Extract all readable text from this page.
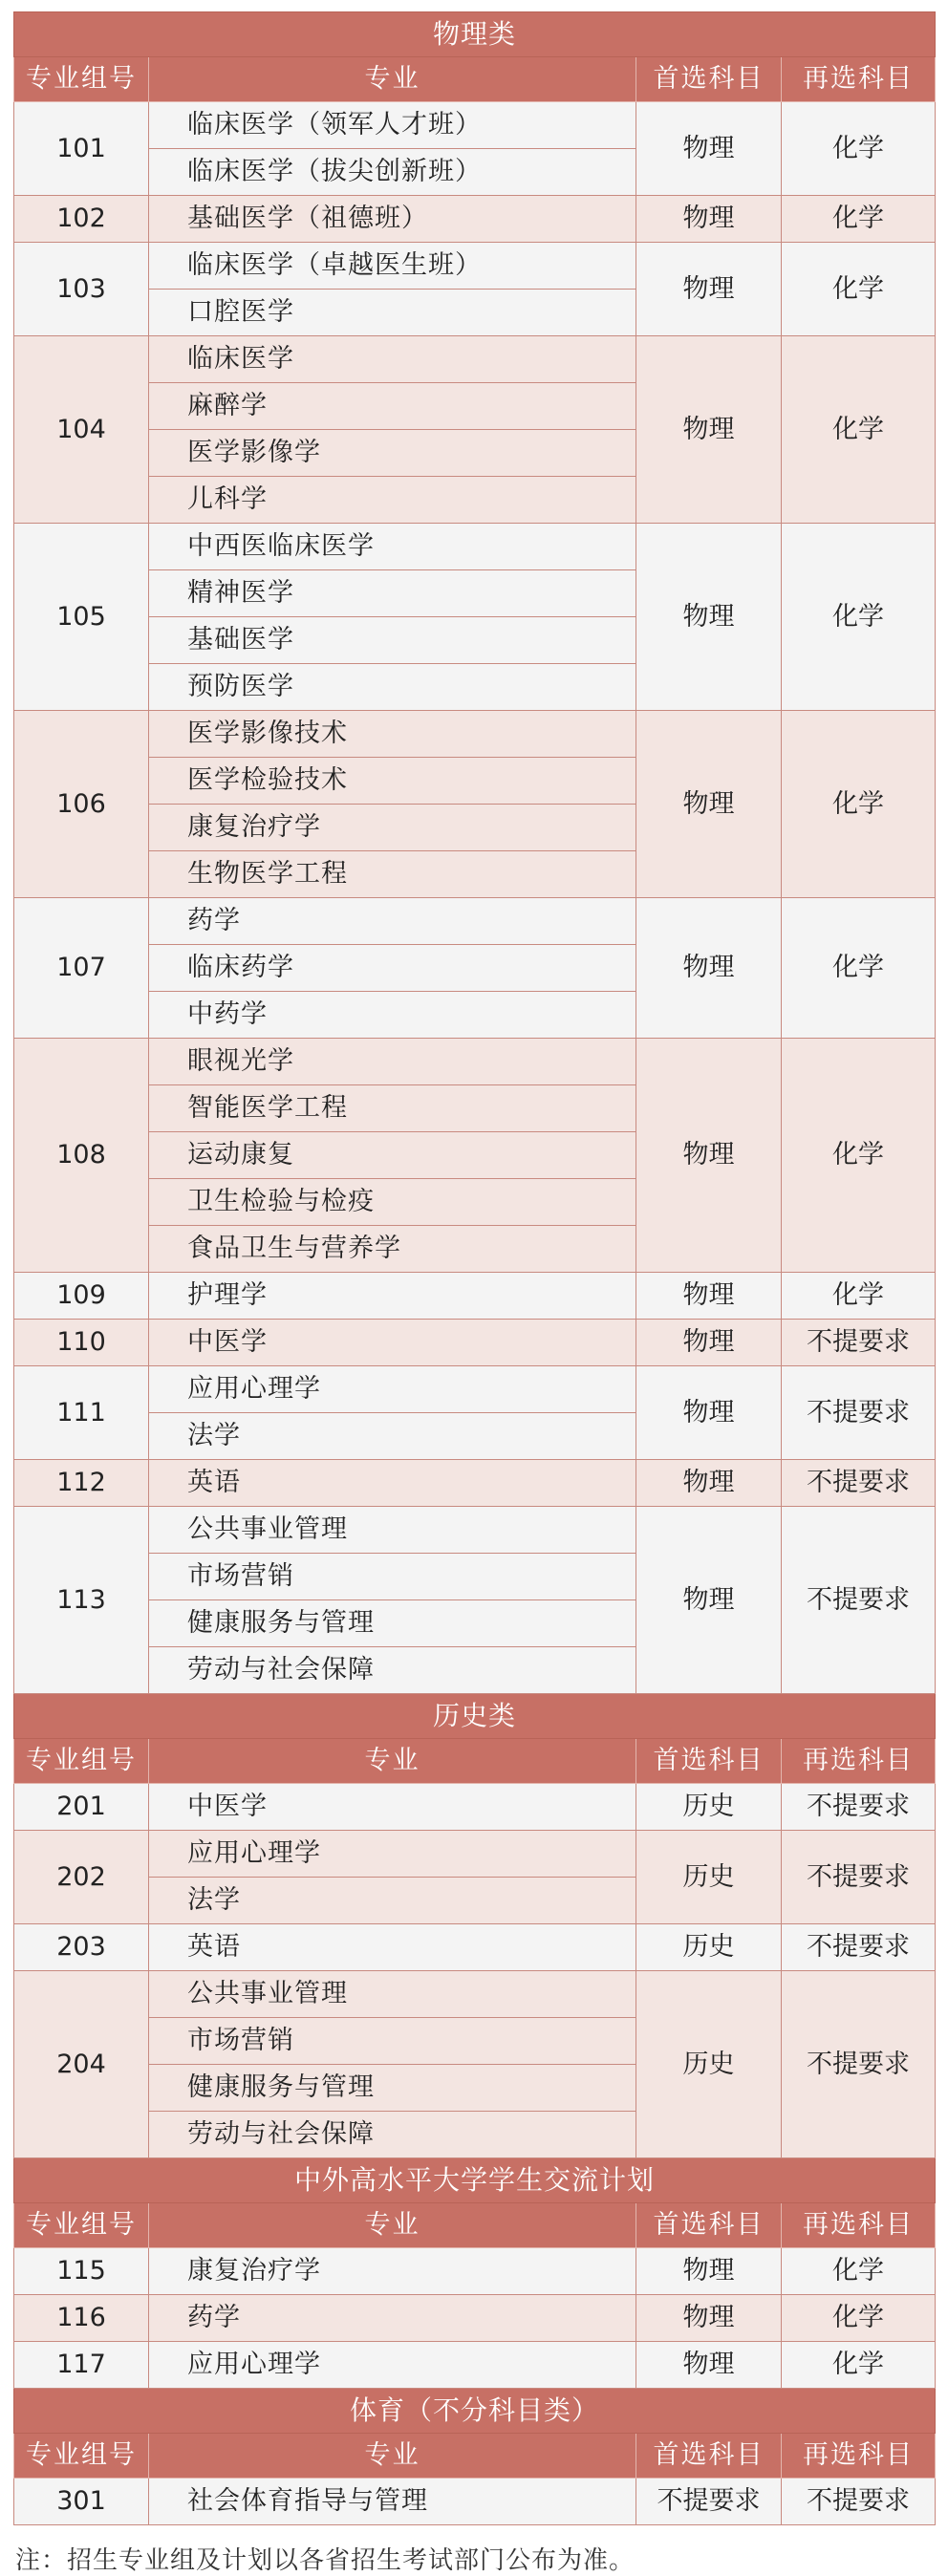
物理类			
专业组号	专业	首选科目	再选科目
101	临床医学（领军人才班）	物理	化学
	临床医学（拔尖创新班）		
102	基础医学（祖德班）	物理	化学
103	临床医学（卓越医生班）	物理	化学
	口腔医学		
104	临床医学	物理	化学
	麻醉学		
	医学影像学		
	儿科学		
105	中西医临床医学	物理	化学
	精神医学		
	基础医学		
	预防医学		
106	医学影像技术	物理	化学
	医学检验技术		
	康复治疗学		
	生物医学工程		
107	药学	物理	化学
	临床药学		
	中药学		
108	眼视光学	物理	化学
	智能医学工程		
	运动康复		
	卫生检验与检疫		
	食品卫生与营养学		
109	护理学	物理	化学
110	中医学	物理	不提要求
111	应用心理学	物理	不提要求
	法学		
112	英语	物理	不提要求
113	公共事业管理	物理	不提要求
	市场营销		
	健康服务与管理		
	劳动与社会保障		
历史类			
专业组号	专业	首选科目	再选科目
201	中医学	历史	不提要求
202	应用心理学	历史	不提要求
	法学		
203	英语	历史	不提要求
204	公共事业管理	历史	不提要求
	市场营销		
	健康服务与管理		
	劳动与社会保障		
中外高水平大学学生交流计划			
专业组号	专业	首选科目	再选科目
115	康复治疗学	物理	化学
116	药学	物理	化学
117	应用心理学	物理	化学
体育（不分科目类）			
专业组号	专业	首选科目	再选科目
301	社会体育指导与管理	不提要求	不提要求
注：招生专业组及计划以各省招生考试部门公布为准。
